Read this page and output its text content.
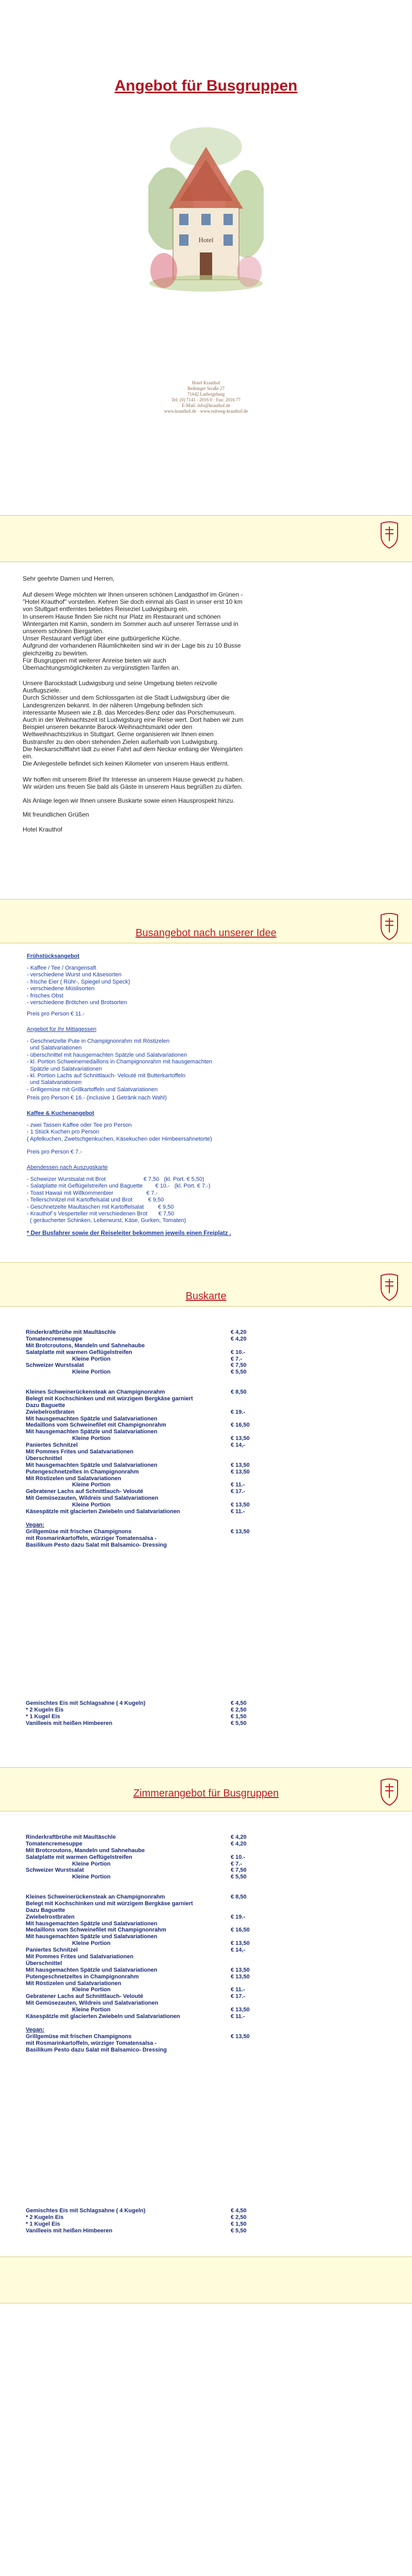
Angebot für Busgruppen
Hotel
Hotel Krauthof
Beihinger Straße 27
71642 Ludwigsburg
Tel: (0) 7141 - 2016 0 · Fax: 2016 77
E-Mail: info@krauthof.de
www.krauthof.de · www.ruitweg-krauthof.de

Sehr geehrte Damen und Herren,

Auf diesem Wege möchten wir Ihnen unseren schönen Landgasthof im Grünen -
"Hotel Krauthof" vorstellen. Kehren Sie doch einmal als Gast in unser erst 10 km
von Stuttgart entferntes beliebtes Reiseziel Ludwigsburg ein.
In unserem Hause finden Sie nicht nur Platz im Restaurant und schönen
Wintergarten mit Kamin, sondern im Sommer auch auf unserer Terrasse und in
unserem schönen Biergarten.
Unser Restaurant verfügt über eine gutbürgerliche Küche.
Aufgrund der vorhandenen Räumlichkeiten sind wir in der Lage bis zu 10 Busse
gleichzeitig zu bewirten.
Für Busgruppen mit weiterer Anreise bieten wir auch
Übernachtungsmöglichkeiten zu vergünstigten Tarifen an.

Unsere Barockstadt Ludwigsburg und seine Umgebung bieten reizvolle
Ausflugsziele.
Durch Schlösser und dem Schlossgarten ist die Stadt Ludwigsburg über die
Landesgrenzen bekannt. In der näheren Umgebung befinden sich
interessante Museen wie z.B. das Mercedes-Benz oder das Porschemuseum.
Auch in der Weihnachtszeit ist Ludwigsburg eine Reise wert. Dort haben wir zum
Beispiel unseren bekannte Barock-Weihnachtsmarkt oder den
Weltweihnachtszirkus in Stuttgart. Gerne organisieren wir Ihnen einen
Bustransfer zu den oben stehenden Zielen außerhalb von Ludwigsburg.
Die Neckarschifffahrt lädt zu einer Fahrt auf dem Neckar entlang der Weingärten
ein.
Die Anlegestelle befindet sich keinen Kilometer von unserem Haus entfernt.

Wir hoffen mit unserem Brief Ihr Interesse an unserem Hause geweckt zu haben.
Wir würden uns freuen Sie bald als Gäste in unserem Haus begrüßen zu dürfen.

Als Anlage legen wir Ihnen unsere Buskarte sowie einen Hausprospekt hinzu.

Mit freundlichen Grüßen

Hotel Krauthof

Busangebot nach unserer Idee
Frühstücksangebot

- Kaffee / Tee / Orangensaft
- verschiedene Wurst und Käsesorten
- frische Eier ( Rühr-, Spiegel und Speck)
- verschiedene Müslisorten
- frisches Obst
- verschiedene Brötchen und Brotsorten

Preis pro Person € 11.-
Angebot für Ihr Mittagessen

- Geschnetzelte Pute in Champignonrahm mit Röstizelen
und Salatvariationen
- überschnittel mit hausgemachten Spätzle und Salatvariationen
- kl. Portion Schweinemedaillons in Champignonrahm mit hausgemachten
Spätzle und Salatvariationen
- kl. Portion Lachs auf Schnittlauch- Velouté mit Butterkartoffeln
und Salatvariationen
- Grillgemüse mit Grillkartoffeln und Salatvariationen

Preis pro Person € 16.- (inclusive 1 Getränk nach Wahl)
Kaffee & Kuchenangebot

- zwei Tassen Kaffee oder Tee pro Person
- 1 Stück Kuchen pro Person
( Apfelkuchen, Zwetschgenkuchen, Käsekuchen oder Himbeersahnetorte)

Preis pro Person € 7.-
Abendessen nach Auszugskarte

- Schweizer Wurstsalat mit Brot                        € 7,50   (kl. Port. € 5,50)
- Salatplatte mit Geflügelstreifen und Baguette        € 10.-   (kl. Port. € 7.-)
- Toast Hawaii mit Willkommenbier                     € 7.-
- Tellerschnitzel mit Kartoffelsalat und Brot          € 9,50
- Geschnetzelte Maultaschen mit Kartoffelsalat         € 9,50
- Krauthof´s Vesperteller mit verschiedenen Brot       € 7,50
( geräucherter Schinken, Leberwurst, Käse, Gurken, Tomaten)

* Der Busfahrer sowie der Reiseleiter bekommen jeweils einen Freiplatz .
Buskarte
Rinderkraftbrühe mit Maultäschle	€ 4,20
Tomatencremesuppe	€ 4,20
Mit Brotcroutons, Mandeln und Sahnehaube
Salatplatte mit warmen Geflügelstreifen	€ 10.-
Kleine Portion	€ 7.-
Schweizer Wurstsalat	€ 7,50
Kleine Portion	€ 5,50
Kleines Schweinerückensteak an Champignonrahm	€ 8,50
Belegt mit Kochschinken und mit würzigem Bergkäse garniert
Dazu Baguette
Zwiebelrostbraten	€ 19.-
Mit hausgemachten Spätzle und Salatvariationen
Medaillons vom Schweinefilet mit Champignonrahm	€ 16,50
Mit hausgemachten Spätzle und Salatvariationen
Kleine Portion	€ 13,50
Paniertes Schnitzel	€ 14,-
Mit Pommes Frites und Salatvariationen
Überschnittel
Mit hausgemachten Spätzle und Salatvariationen	€ 13,50
Putengeschnetzeltes in Champignonrahm	€ 13,50
Mit Röstizelen und Salatvariationen
Kleine Portion	€ 11.-
Gebratener Lachs auf Schnittlauch- Velouté	€ 17.-
Mit Gemüsezauten, Wildreis und Salatvariationen
Kleine Portion	€ 13,50
Käsespätzle mit glacierten Zwiebeln und Salatvariationen	€ 11.-
Vegan:
Grillgemüse mit frischen Champignons	€ 13,50
mit Rosmarinkartoffeln, würziger Tomatensalsa -
Basilikum Pesto dazu Salat mit Balsamico- Dressing
Gemischtes Eis mit Schlagsahne ( 4 Kugeln)	€ 4,50
* 2 Kugeln Eis	€ 2,50
* 1 Kugel Eis	€ 1,50
Vanilleeis mit heißen Himbeeren	€ 5,50
Zimmerangebot für Busgruppen
Rinderkraftbrühe mit Maultäschle	€ 4,20
Tomatencremesuppe	€ 4,20
Mit Brotcroutons, Mandeln und Sahnehaube
Salatplatte mit warmen Geflügelstreifen	€ 10.-
Kleine Portion	€ 7.-
Schweizer Wurstsalat	€ 7,50
Kleine Portion	€ 5,50
Kleines Schweinerückensteak an Champignonrahm	€ 8,50
Belegt mit Kochschinken und mit würzigem Bergkäse garniert
Dazu Baguette
Zwiebelrostbraten	€ 19.-
Mit hausgemachten Spätzle und Salatvariationen
Medaillons vom Schweinefilet mit Champignonrahm	€ 16,50
Mit hausgemachten Spätzle und Salatvariationen
Kleine Portion	€ 13,50
Paniertes Schnitzel	€ 14,-
Mit Pommes Frites und Salatvariationen
Überschnittel
Mit hausgemachten Spätzle und Salatvariationen	€ 13,50
Putengeschnetzeltes in Champignonrahm	€ 13,50
Mit Röstizelen und Salatvariationen
Kleine Portion	€ 11.-
Gebratener Lachs auf Schnittlauch- Velouté	€ 17.-
Mit Gemüsezauten, Wildreis und Salatvariationen
Kleine Portion	€ 13,50
Käsespätzle mit glacierten Zwiebeln und Salatvariationen	€ 11.-
Vegan:
Grillgemüse mit frischen Champignons	€ 13,50
mit Rosmarinkartoffeln, würziger Tomatensalsa -
Basilikum Pesto dazu Salat mit Balsamico- Dressing
Gemischtes Eis mit Schlagsahne ( 4 Kugeln)	€ 4,50
* 2 Kugeln Eis	€ 2,50
* 1 Kugel Eis	€ 1,50
Vanilleeis mit heißen Himbeeren	€ 5,50
